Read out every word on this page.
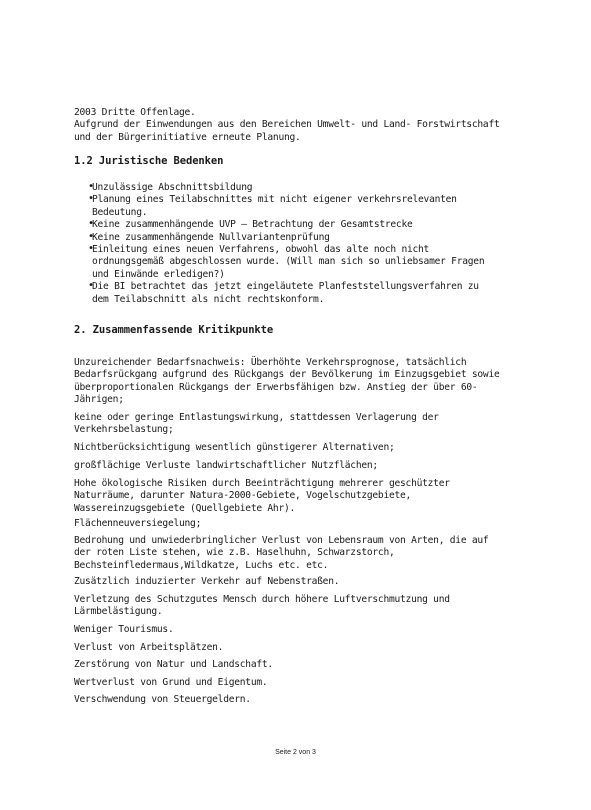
2003 Dritte Offenlage.
Aufgrund der Einwendungen aus den Bereichen Umwelt- und Land- Forstwirtschaft
und der Bürgerinitiative erneute Planung.
1.2 Juristische Bedenken
•
Unzulässige Abschnittsbildung
•
Planung eines Teilabschnittes mit nicht eigener verkehrsrelevanten
Bedeutung.
•
Keine zusammenhängende UVP — Betrachtung der Gesamtstrecke
•
Keine zusammenhängende Nullvariantenprüfung
•
Einleitung eines neuen Verfahrens, obwohl das alte noch nicht
ordnungsgemäß abgeschlossen wurde. (Will man sich so unliebsamer Fragen
und Einwände erledigen?)
•
Die BI betrachtet das jetzt eingeläutete Planfeststellungsverfahren zu
dem Teilabschnitt als nicht rechtskonform.
2. Zusammenfassende Kritikpunkte
Unzureichender Bedarfsnachweis: Überhöhte Verkehrsprognose, tatsächlich
Bedarfsrückgang aufgrund des Rückgangs der Bevölkerung im Einzugsgebiet sowie
überproportionalen Rückgangs der Erwerbsfähigen bzw. Anstieg der über 60-
Jährigen;
keine oder geringe Entlastungswirkung, stattdessen Verlagerung der
Verkehrsbelastung;
Nichtberücksichtigung wesentlich günstigerer Alternativen;
großflächige Verluste landwirtschaftlicher Nutzflächen;
Hohe ökologische Risiken durch Beeinträchtigung mehrerer geschützter
Naturräume, darunter Natura-2000-Gebiete, Vogelschutzgebiete,
Wassereinzugsgebiete (Quellgebiete Ahr).
Flächenneuversiegelung;
Bedrohung und unwiederbringlicher Verlust von Lebensraum von Arten, die auf
der roten Liste stehen, wie z.B. Haselhuhn, Schwarzstorch,
Bechsteinfledermaus,Wildkatze, Luchs etc. etc.
Zusätzlich induzierter Verkehr auf Nebenstraßen.
Verletzung des Schutzgutes Mensch durch höhere Luftverschmutzung und
Lärmbelästigung.
Weniger Tourismus.
Verlust von Arbeitsplätzen.
Zerstörung von Natur und Landschaft.
Wertverlust von Grund und Eigentum.
Verschwendung von Steuergeldern.
Seite 2 von 3
